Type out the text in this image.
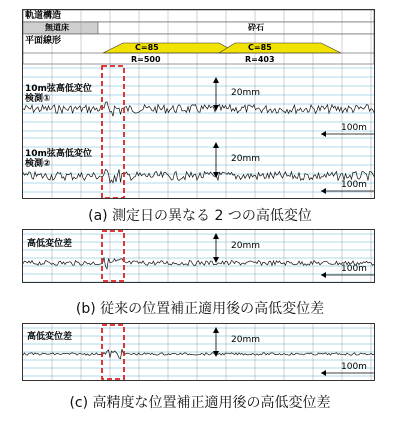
軌道構造
無道床	砕石
平面線形
C=85
R=500
C=85
R=403
10m弦高低変位
検測①
10m弦高低変位
検測②
20mm
20mm
100m
100m
(a) 測定日の異なる 2 つの高低変位
高低変位差	20mm
100m
(b) 従来の位置補正適用後の高低変位差
高低変位差	20mm
100m
(c) 高精度な位置補正適用後の高低変位差
